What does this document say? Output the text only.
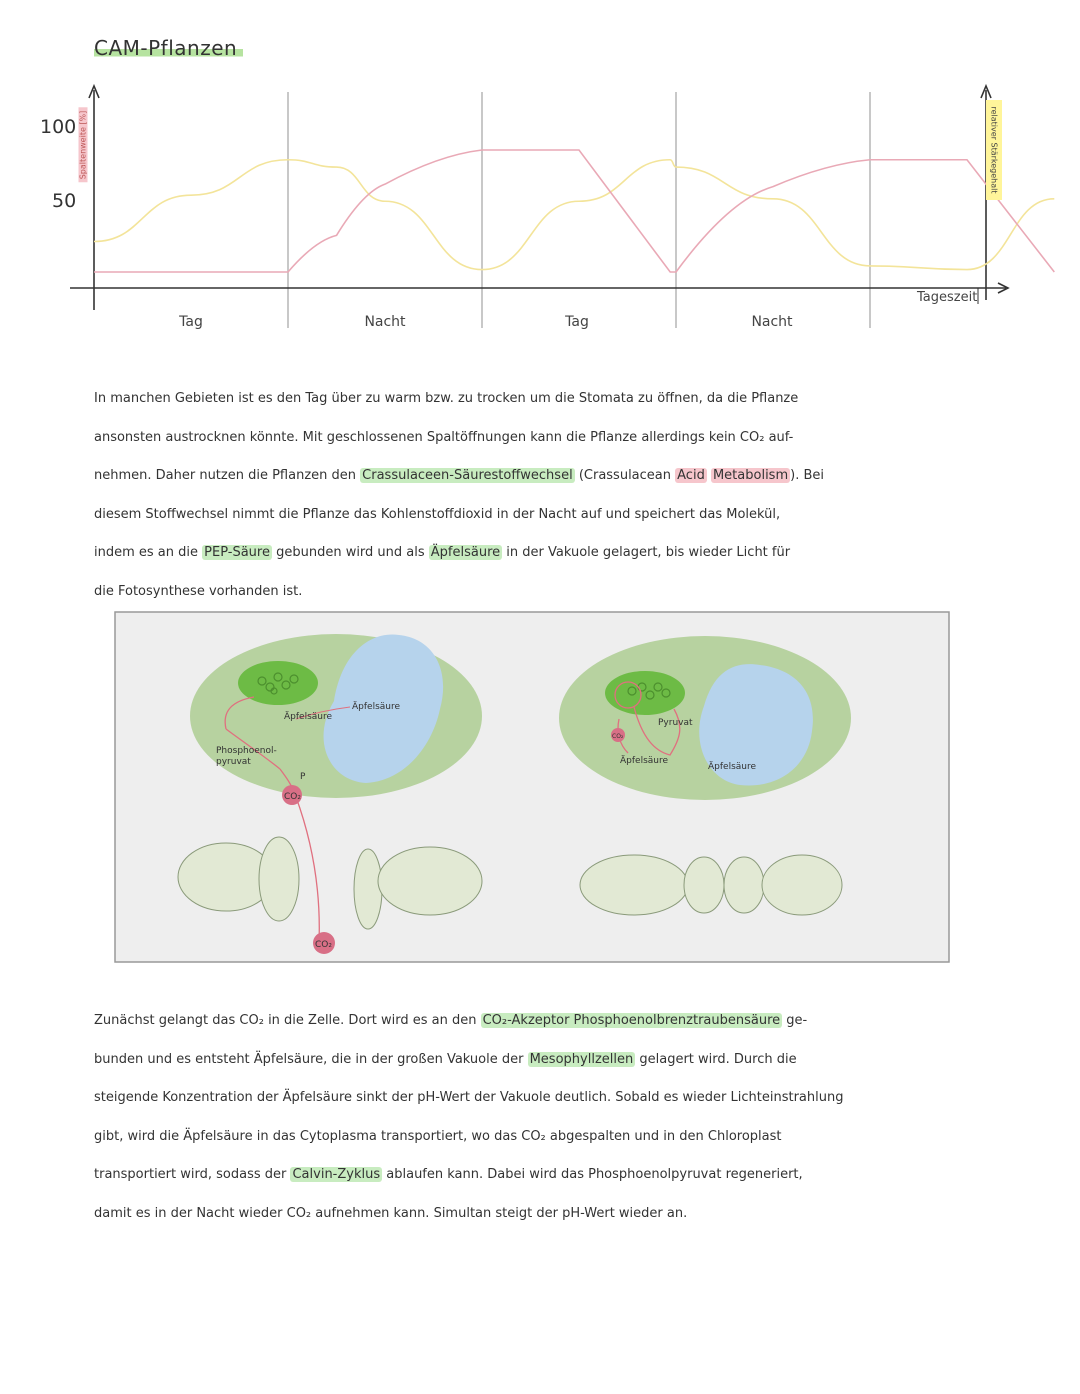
CAM-Pflanzen
100
50
Spaltenweite [%]	relativer Stärkegehalt
Tag	Nacht	Tag	Nacht
Tageszeit

In manchen Gebieten ist es den Tag über zu warm bzw. zu trocken um die Stomata zu öffnen, da die Pflanze

ansonsten austrocknen könnte. Mit geschlossenen Spaltöffnungen kann die Pflanze allerdings kein CO₂ auf-

nehmen. Daher nutzen die Pflanzen den Crassulaceen-Säurestoffwechsel (Crassulacean Acid Metabolism ). Bei

diesem Stoffwechsel nimmt die Pflanze das Kohlenstoffdioxid in der Nacht auf und speichert das Molekül,

indem es an die PEP-Säure gebunden wird und als Äpfelsäure in der Vakuole gelagert, bis wieder Licht für

die Fotosynthese vorhanden ist.

Äpfelsäure
Äpfelsäure
Phosphoenol-
pyruvat
P
CO₂
CO₂
CO₂
Pyruvat
Äpfelsäure
Äpfelsäure

Zunächst gelangt das CO₂ in die Zelle. Dort wird es an den CO₂-Akzeptor Phosphoenolbrenztraubensäure ge-

bunden und es entsteht Äpfelsäure, die in der großen Vakuole der Mesophyllzellen gelagert wird. Durch die

steigende Konzentration der Äpfelsäure sinkt der pH-Wert der Vakuole deutlich. Sobald es wieder Lichteinstrahlung

gibt, wird die Äpfelsäure in das Cytoplasma transportiert, wo das CO₂ abgespalten und in den Chloroplast

transportiert wird, sodass der Calvin-Zyklus ablaufen kann. Dabei wird das Phosphoenolpyruvat regeneriert,

damit es in der Nacht wieder CO₂ aufnehmen kann. Simultan steigt der pH-Wert wieder an.
